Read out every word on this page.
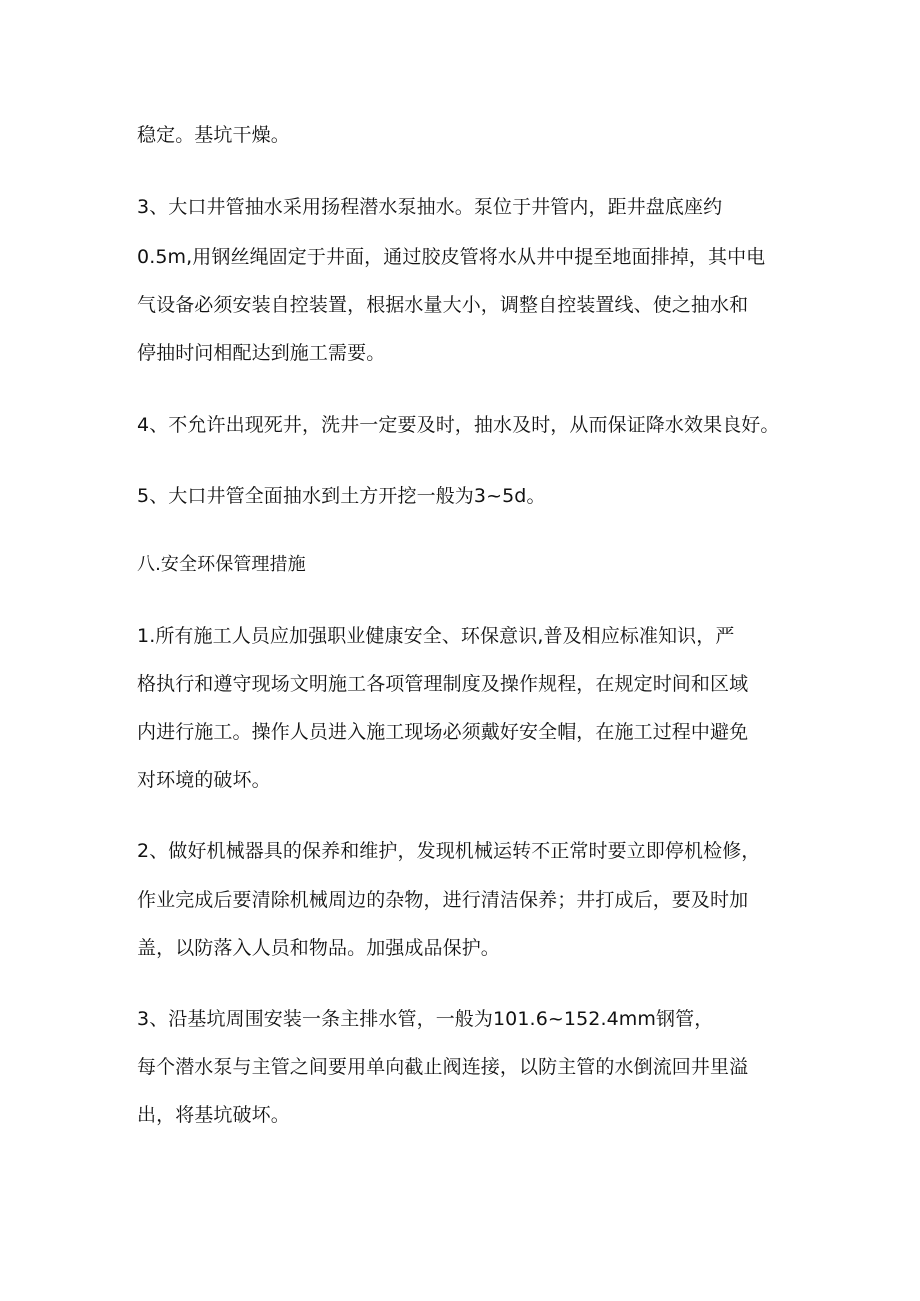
稳定。基坑干燥。

3、大口井管抽水采用扬程潜水泵抽水。泵位于井管内，距井盘底座约

0.5m,用钢丝绳固定于井面，通过胶皮管将水从井中提至地面排掉，其中电

气设备必须安装自控装置，根据水量大小，调整自控装置线、使之抽水和

停抽时问相配达到施工需要。

4、不允许出现死井，洗井一定要及时，抽水及时，从而保证降水效果良好。

5、大口井管全面抽水到土方开挖一般为3~5d。

八.安全环保管理措施

1.所有施工人员应加强职业健康安全、环保意识,普及相应标准知识，严

格执行和遵守现场文明施工各项管理制度及操作规程，在规定时间和区域

内进行施工。操作人员进入施工现场必须戴好安全帽，在施工过程中避免

对环境的破坏。

2、做好机械器具的保养和维护，发现机械运转不正常时要立即停机检修，

作业完成后要清除机械周边的杂物，进行清洁保养；井打成后，要及时加

盖，以防落入人员和物品。加强成品保护。

3、沿基坑周围安装一条主排水管，一般为101.6~152.4mm钢管，

每个潜水泵与主管之间要用单向截止阀连接，以防主管的水倒流回井里溢

出，将基坑破坏。
